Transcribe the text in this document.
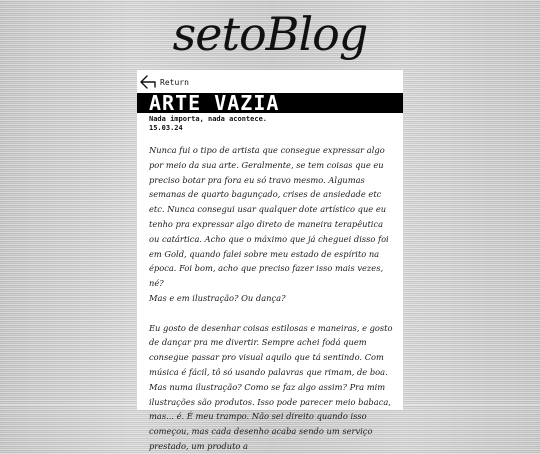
setoBlog
Return
ARTE VAZIA
Nada importa, nada acontece.
15.03.24

Nunca fui o tipo de artista que consegue expressar algo por meio da sua arte. Geralmente, se tem coisas que eu preciso botar pra fora eu só travo mesmo. Algumas semanas de quarto bagunçado, crises de ansiedade etc etc. Nunca consegui usar qualquer dote artístico que eu tenho pra expressar algo direto de maneira terapêutica ou catártica. Acho que o máximo que já cheguei disso foi em Gold, quando falei sobre meu estado de espírito na época. Foi bom, acho que preciso fazer isso mais vezes, né?

Mas e em ilustração? Ou dança?

Eu gosto de desenhar coisas estilosas e maneiras, e gosto de dançar pra me divertir. Sempre achei fodá quem consegue passar pro visual aquilo que tá sentindo. Com música é fácil, tô só usando palavras que rimam, de boa. Mas numa ilustração? Como se faz algo assim? Pra mim ilustrações são produtos. Isso pode parecer meio babaca, mas... é. É meu trampo. Não sei direito quando isso começou, mas cada desenho acaba sendo um serviço prestado, um produto a
